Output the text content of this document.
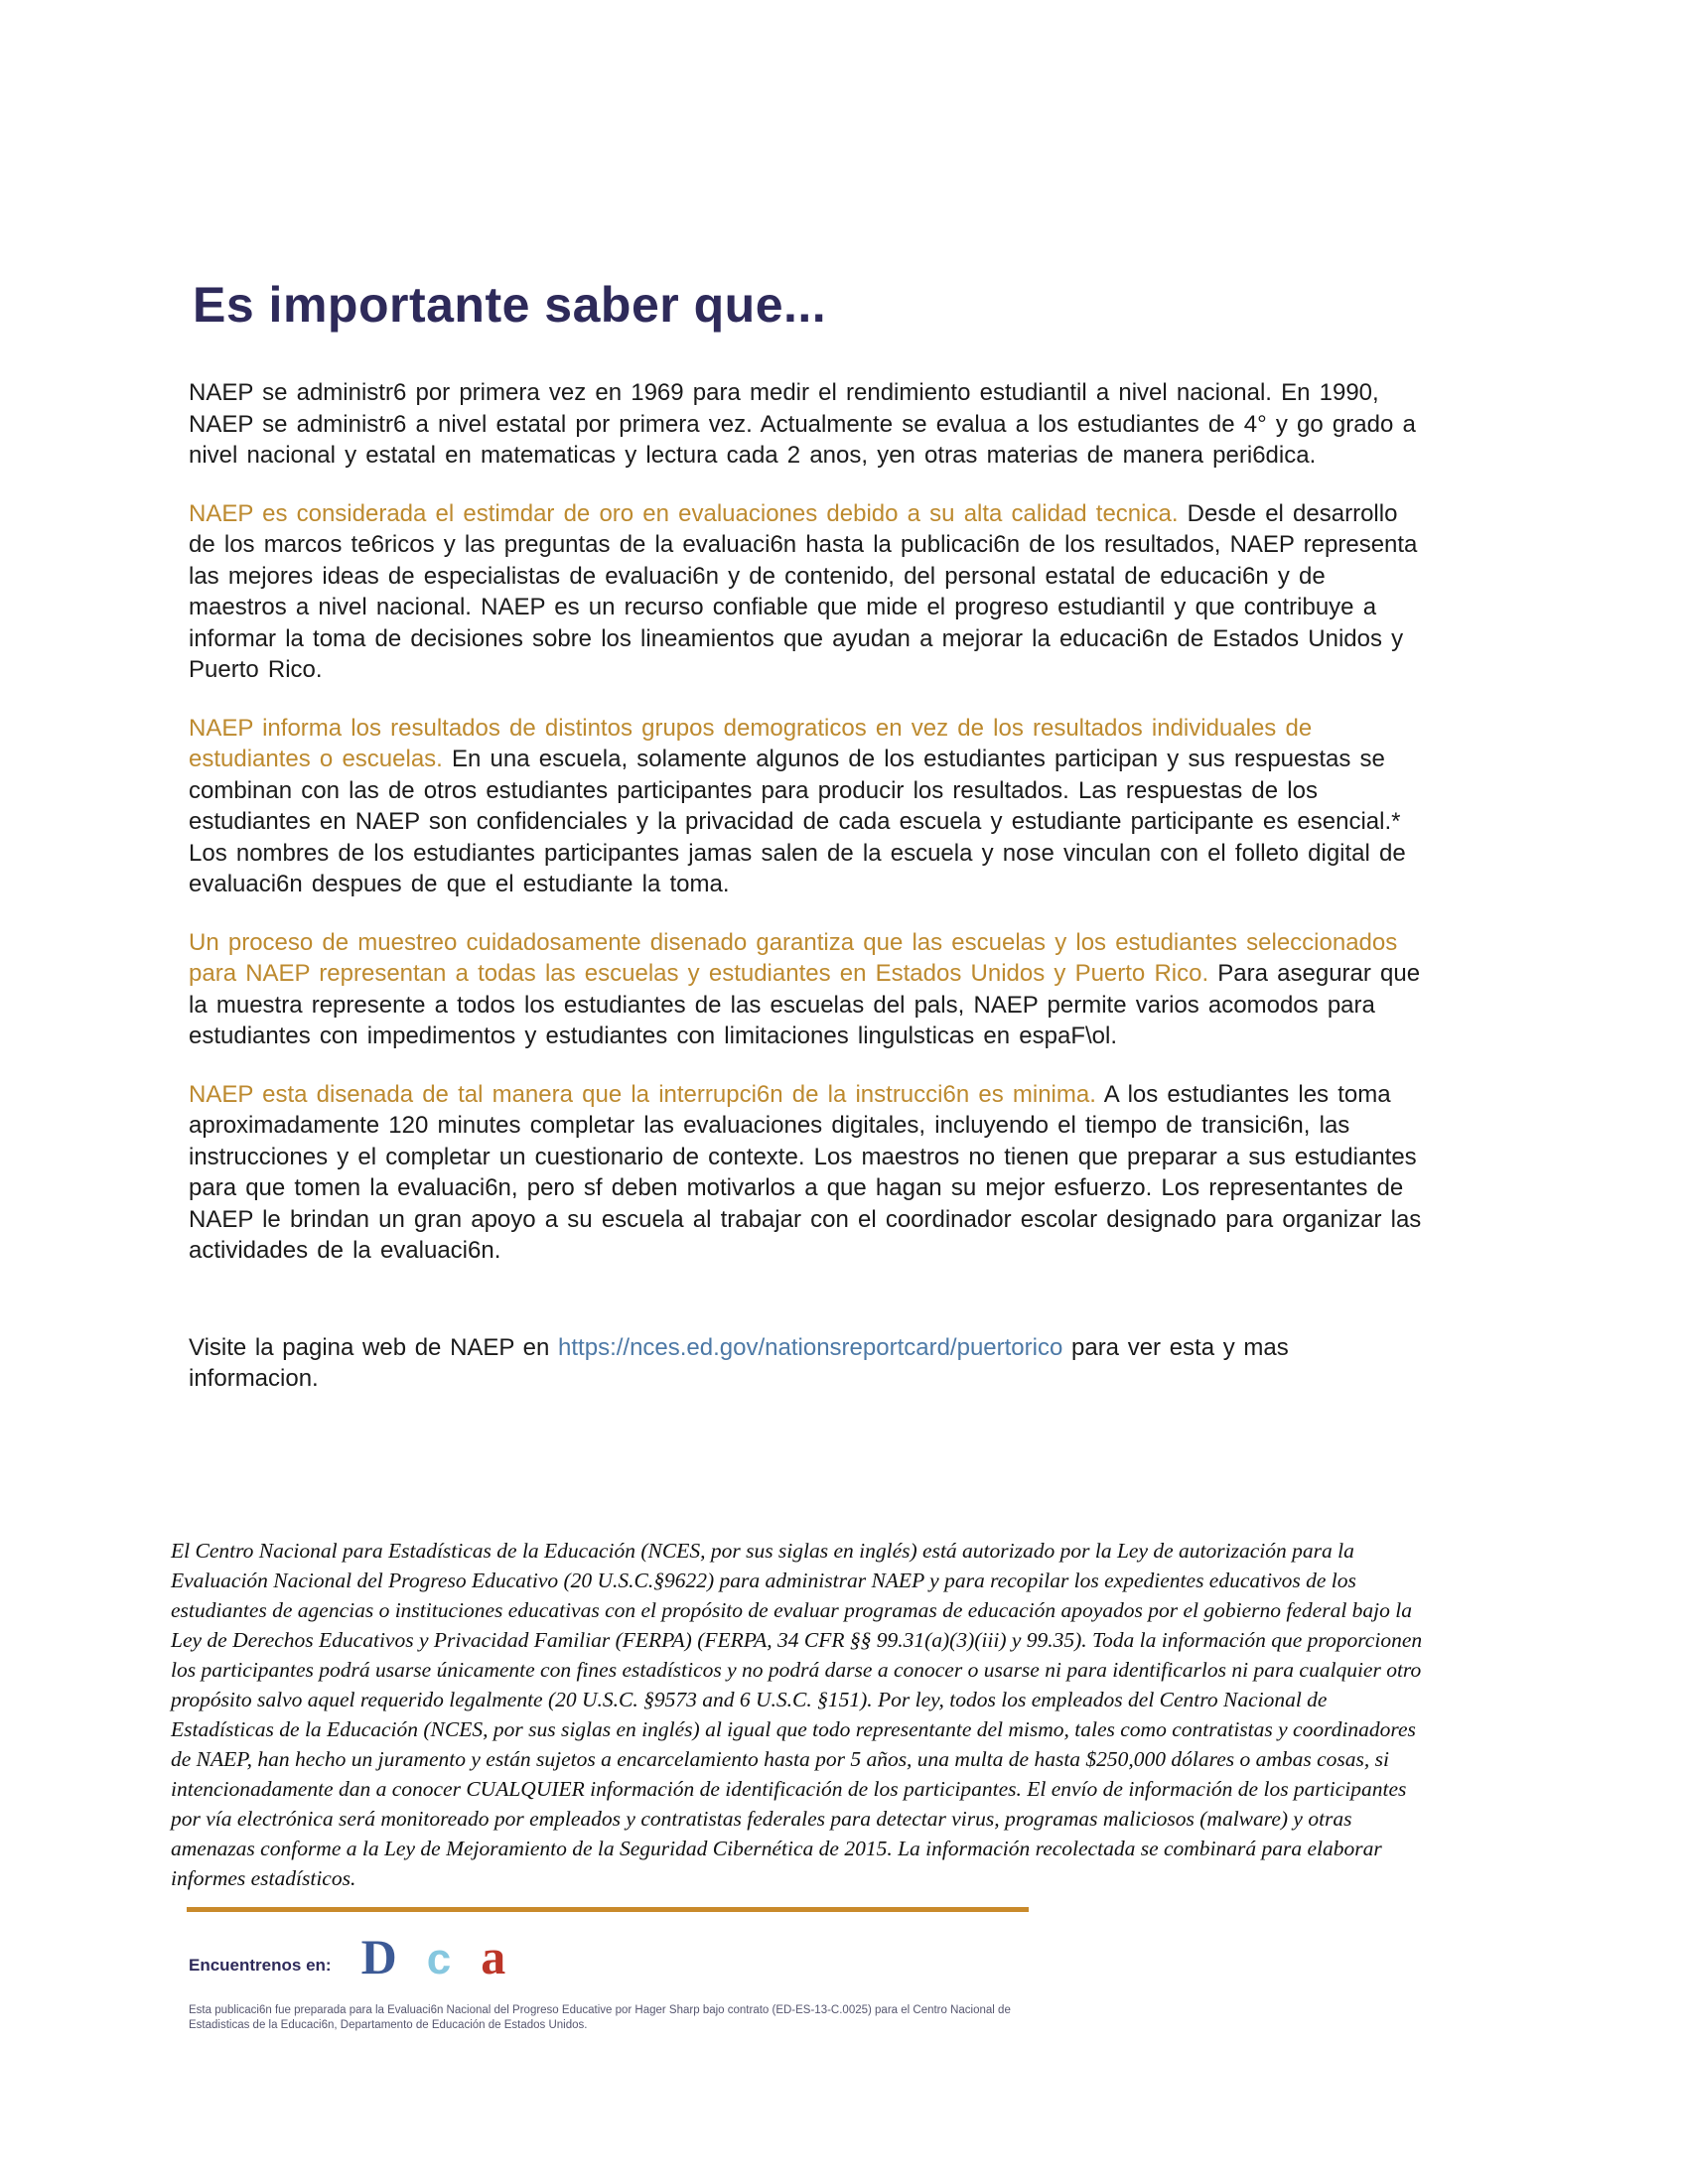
Es importante saber que...

NAEP se administr6 por primera vez en 1969 para medir el rendimiento estudiantil a nivel nacional. En 1990, NAEP se administr6 a nivel estatal por primera vez. Actualmente se evalua a los estudiantes de 4° y go grado a nivel nacional y estatal en matematicas y lectura cada 2 anos, yen otras materias de manera peri6dica.

NAEP es considerada el estimdar de oro en evaluaciones debido a su alta calidad tecnica. Desde el desarrollo de los marcos te6ricos y las preguntas de la evaluaci6n hasta la publicaci6n de los resultados, NAEP representa las mejores ideas de especialistas de evaluaci6n y de contenido, del personal estatal de educaci6n y de maestros a nivel nacional. NAEP es un recurso confiable que mide el progreso estudiantil y que contribuye a informar la toma de decisiones sobre los lineamientos que ayudan a mejorar la educaci6n de Estados Unidos y Puerto Rico.

NAEP informa los resultados de distintos grupos demograticos en vez de los resultados individuales de estudiantes o escuelas. En una escuela, solamente algunos de los estudiantes participan y sus respuestas se combinan con las de otros estudiantes participantes para producir los resultados. Las respuestas de los estudiantes en NAEP son confidenciales y la privacidad de cada escuela y estudiante participante es esencial.* Los nombres de los estudiantes participantes jamas salen de la escuela y nose vinculan con el folleto digital de evaluaci6n despues de que el estudiante la toma.

Un proceso de muestreo cuidadosamente disenado garantiza que las escuelas y los estudiantes seleccionados para NAEP representan a todas las escuelas y estudiantes en Estados Unidos y Puerto Rico. Para asegurar que la muestra represente a todos los estudiantes de las escuelas del pals, NAEP permite varios acomodos para estudiantes con impedimentos y estudiantes con limitaciones lingulsticas en espaF\ol.

NAEP esta disenada de tal manera que la interrupci6n de la instrucci6n es minima. A los estudiantes les toma aproximadamente 120 minutes completar las evaluaciones digitales, incluyendo el tiempo de transici6n, las instrucciones y el completar un cuestionario de contexte. Los maestros no tienen que preparar a sus estudiantes para que tomen la evaluaci6n, pero sf deben motivarlos a que hagan su mejor esfuerzo. Los representantes de NAEP le brindan un gran apoyo a su escuela al trabajar con el coordinador escolar designado para organizar las actividades de la evaluaci6n.

Visite la pagina web de NAEP en https://nces.ed.gov/nationsreportcard/puertorico para ver esta y mas informacion.

El Centro Nacional para Estadísticas de la Educación (NCES, por sus siglas en inglés) está autorizado por la Ley de autorización para la Evaluación Nacional del Progreso Educativo (20 U.S.C.§9622) para administrar NAEP y para recopilar los expedientes educativos de los estudiantes de agencias o instituciones educativas con el propósito de evaluar programas de educación apoyados por el gobierno federal bajo la Ley de Derechos Educativos y Privacidad Familiar (FERPA) (FERPA, 34 CFR §§ 99.31(a)(3)(iii) y 99.35). Toda la información que proporcionen los participantes podrá usarse únicamente con fines estadísticos y no podrá darse a conocer o usarse ni para identificarlos ni para cualquier otro propósito salvo aquel requerido legalmente (20 U.S.C. §9573 and 6 U.S.C. §151). Por ley, todos los empleados del Centro Nacional de Estadísticas de la Educación (NCES, por sus siglas en inglés) al igual que todo representante del mismo, tales como contratistas y coordinadores de NAEP, han hecho un juramento y están sujetos a encarcelamiento hasta por 5 años, una multa de hasta $250,000 dólares o ambas cosas, si intencionadamente dan a conocer CUALQUIER información de identificación de los participantes. El envío de información de los participantes por vía electrónica será monitoreado por empleados y contratistas federales para detectar virus, programas maliciosos (malware) y otras amenazas conforme a la Ley de Mejoramiento de la Seguridad Cibernética de 2015. La información recolectada se combinará para elaborar informes estadísticos.

Encuentrenos en: D c a

Esta publicaci6n fue preparada para la Evaluaci6n Nacional del Progreso Educative por Hager Sharp bajo contrato (ED-ES-13-C.0025) para el Centro Nacional de Estadisticas de la Educaci6n, Departamento de Educación de Estados Unidos.
